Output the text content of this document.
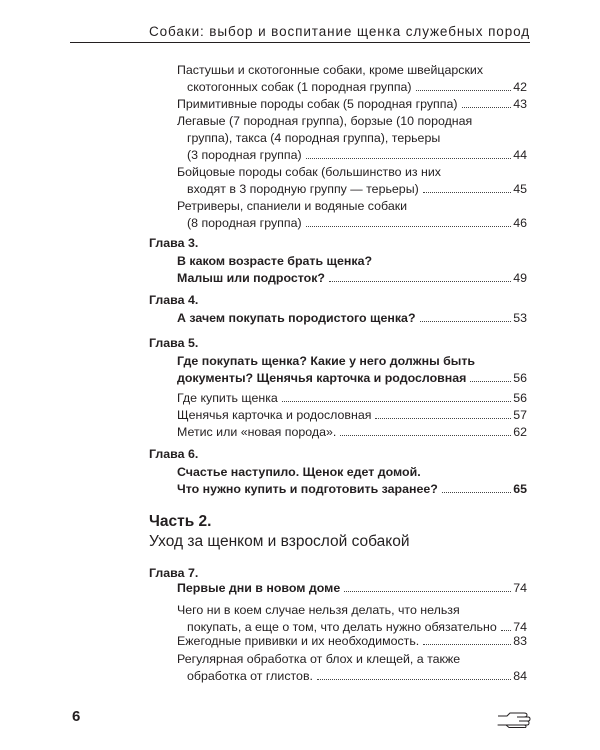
Собаки: выбор и воспитание щенка служебных пород
Пастушьи и скотогонные собаки, кроме швейцарских
скотогонных собак (1 породная группа)	42
Примитивные породы собак (5 породная группа)	43
Легавые (7 породная группа), борзые (10 породная
группа), такса (4 породная группа), терьеры
(3 породная группа)	44
Бойцовые породы собак (большинство из них
входят в 3 породную группу — терьеры)	45
Ретриверы, спаниели и водяные собаки
(8 породная группа)	46
Глава 3.
В каком возрасте брать щенка?
Малыш или подросток?	49
Глава 4.
А зачем покупать породистого щенка?	53
Глава 5.
Где покупать щенка? Какие у него должны быть
документы? Щенячья карточка и родословная	56
Где купить щенка	56
Щенячья карточка и родословная	57
Метис или «новая порода».	62
Глава 6.
Счастье наступило. Щенок едет домой.
Что нужно купить и подготовить заранее?	65
Часть 2.
Уход за щенком и взрослой собакой
Глава 7.
Первые дни в новом доме	74
Чего ни в коем случае нельзя делать, что нельзя
покупать, а еще о том, что делать нужно обязательно 74
Ежегодные прививки и их необходимость.	83
Регулярная обработка от блох и клещей, а также
обработка от глистов.	84
6
